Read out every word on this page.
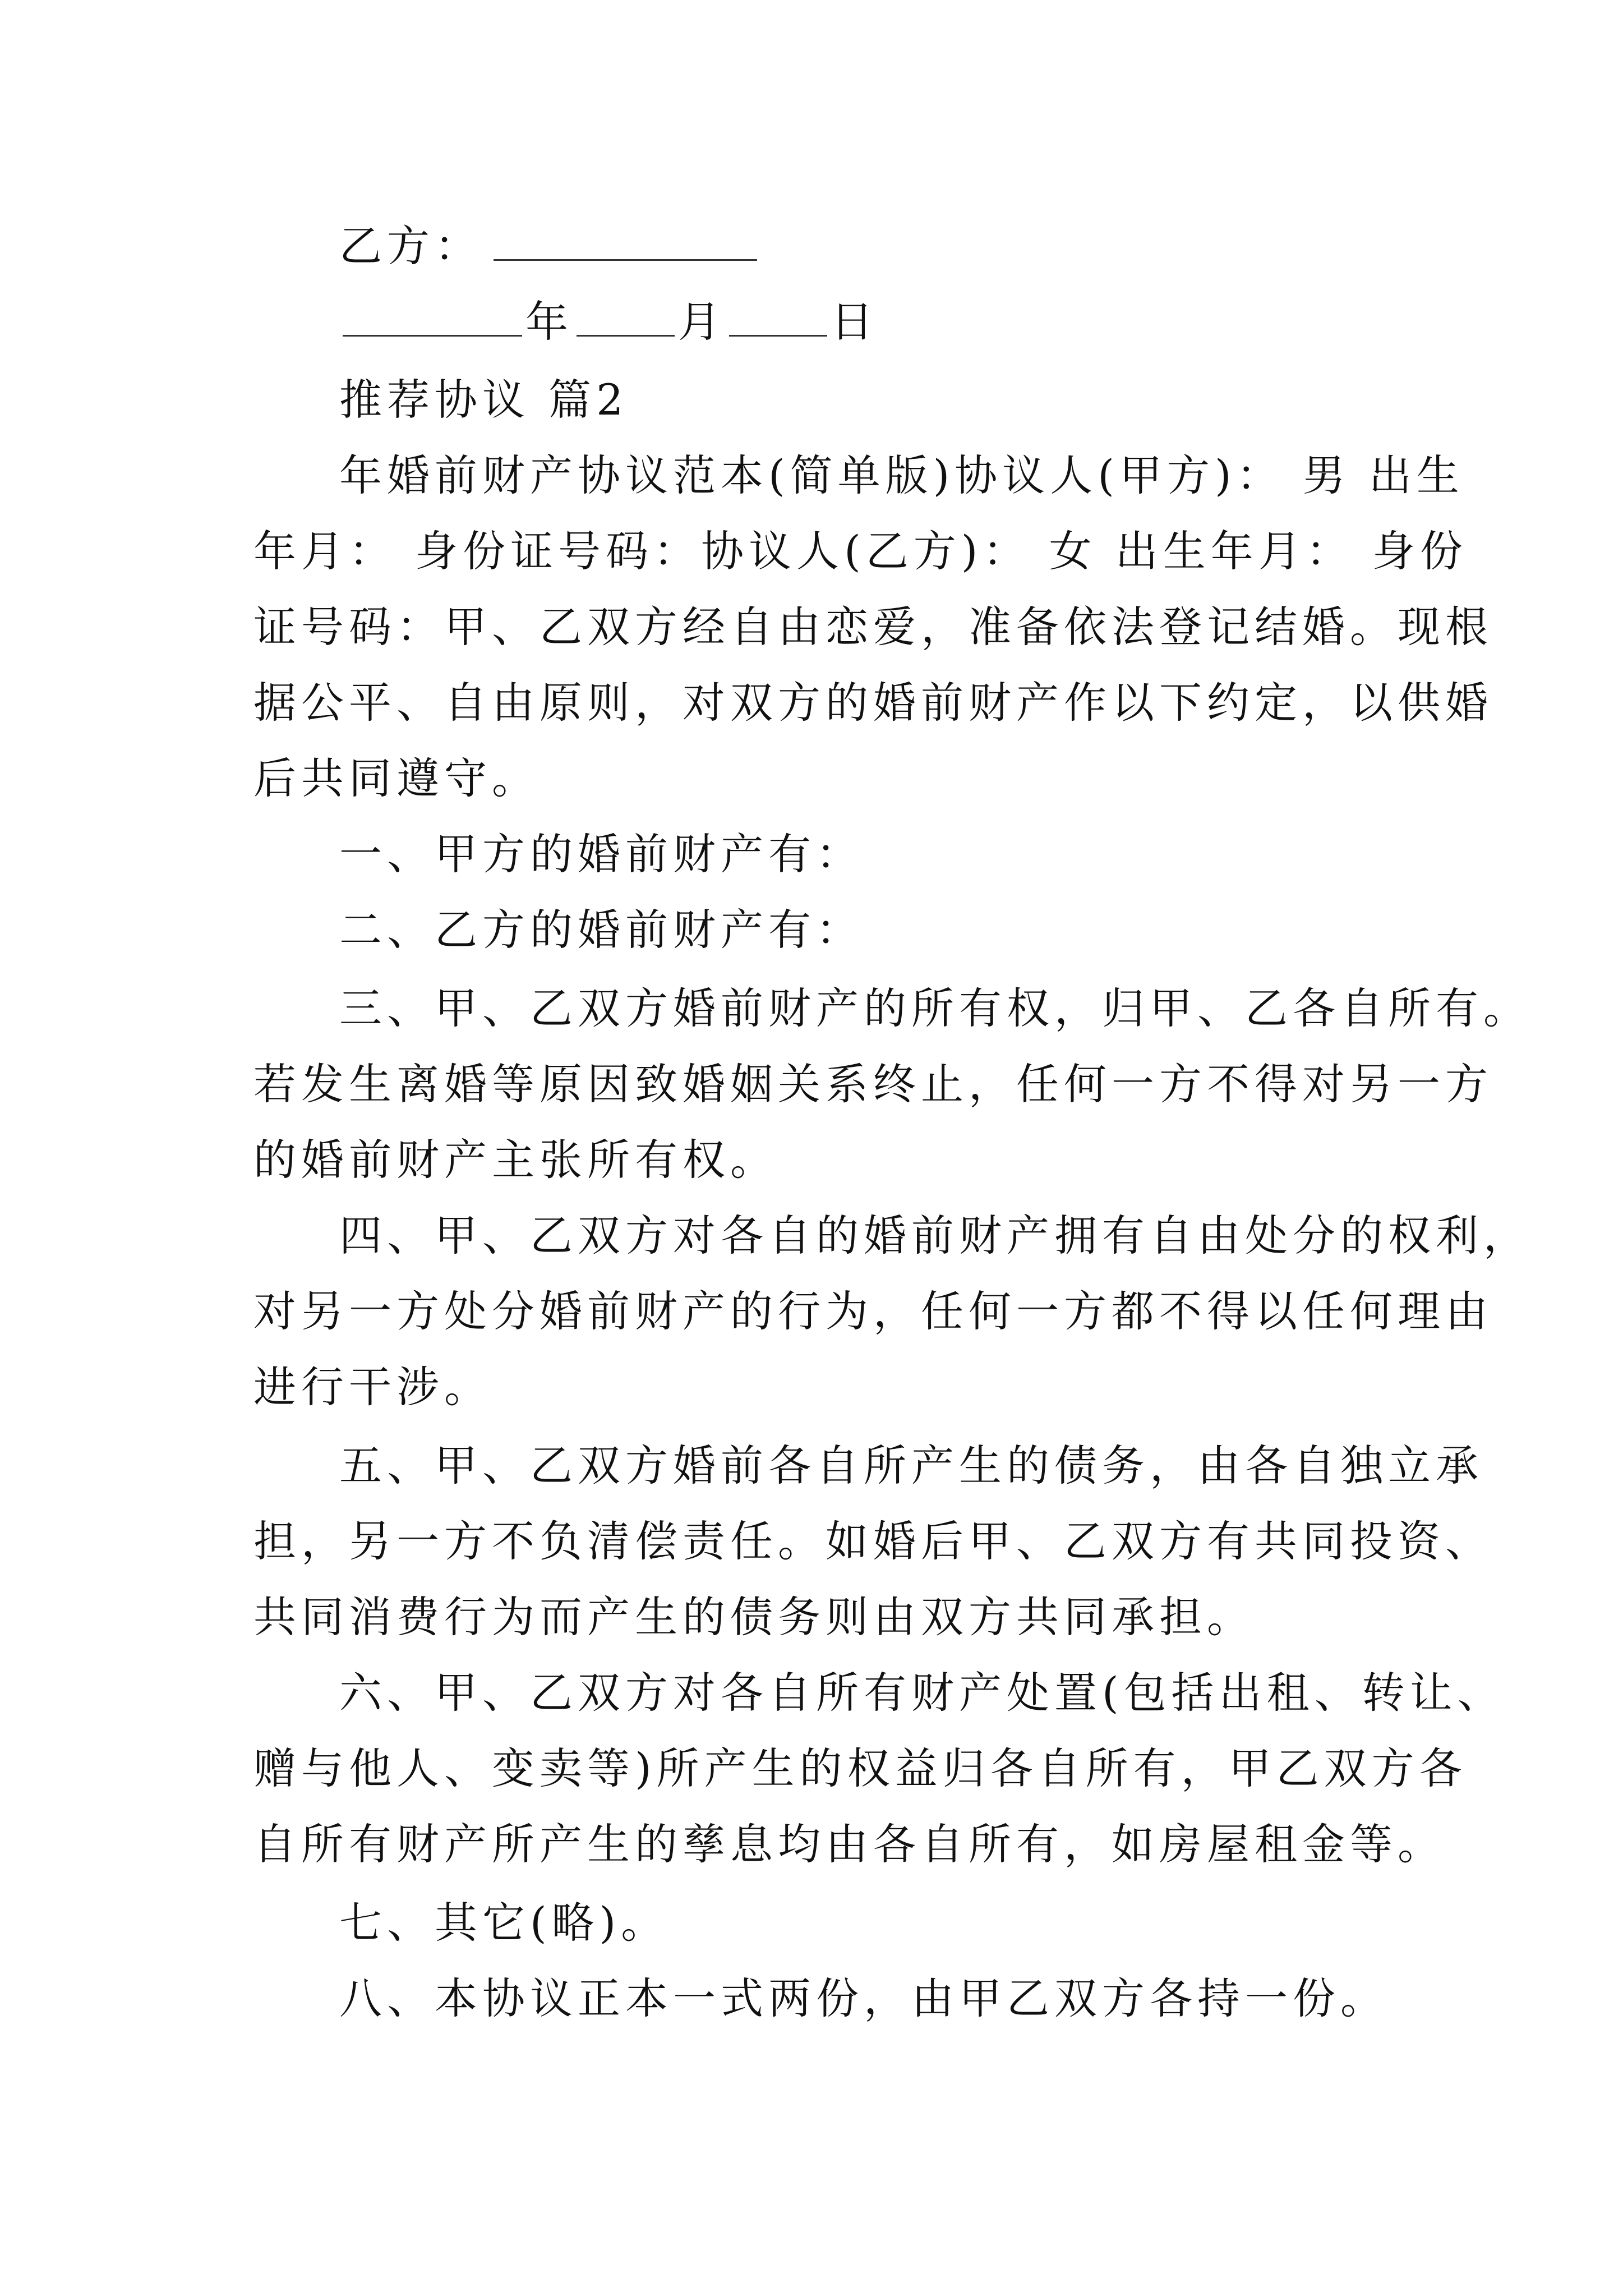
乙方：
年 月 日
推荐协议 篇2
年婚前财产协议范本(简单版)协议人(甲方)： 男 出生
年月： 身份证号码：协议人(乙方)： 女 出生年月： 身份
证号码：甲、乙双方经自由恋爱，准备依法登记结婚。现根
据公平、自由原则，对双方的婚前财产作以下约定，以供婚
后共同遵守。
一、甲方的婚前财产有：
二、乙方的婚前财产有：
三、甲、乙双方婚前财产的所有权，归甲、乙各自所有。
若发生离婚等原因致婚姻关系终止，任何一方不得对另一方
的婚前财产主张所有权。
四、甲、乙双方对各自的婚前财产拥有自由处分的权利，
对另一方处分婚前财产的行为，任何一方都不得以任何理由
进行干涉。
五、甲、乙双方婚前各自所产生的债务，由各自独立承
担，另一方不负清偿责任。如婚后甲、乙双方有共同投资、
共同消费行为而产生的债务则由双方共同承担。
六、甲、乙双方对各自所有财产处置(包括出租、转让、
赠与他人、变卖等)所产生的权益归各自所有，甲乙双方各
自所有财产所产生的孳息均由各自所有，如房屋租金等。
七、其它(略)。
八、本协议正本一式两份，由甲乙双方各持一份。
